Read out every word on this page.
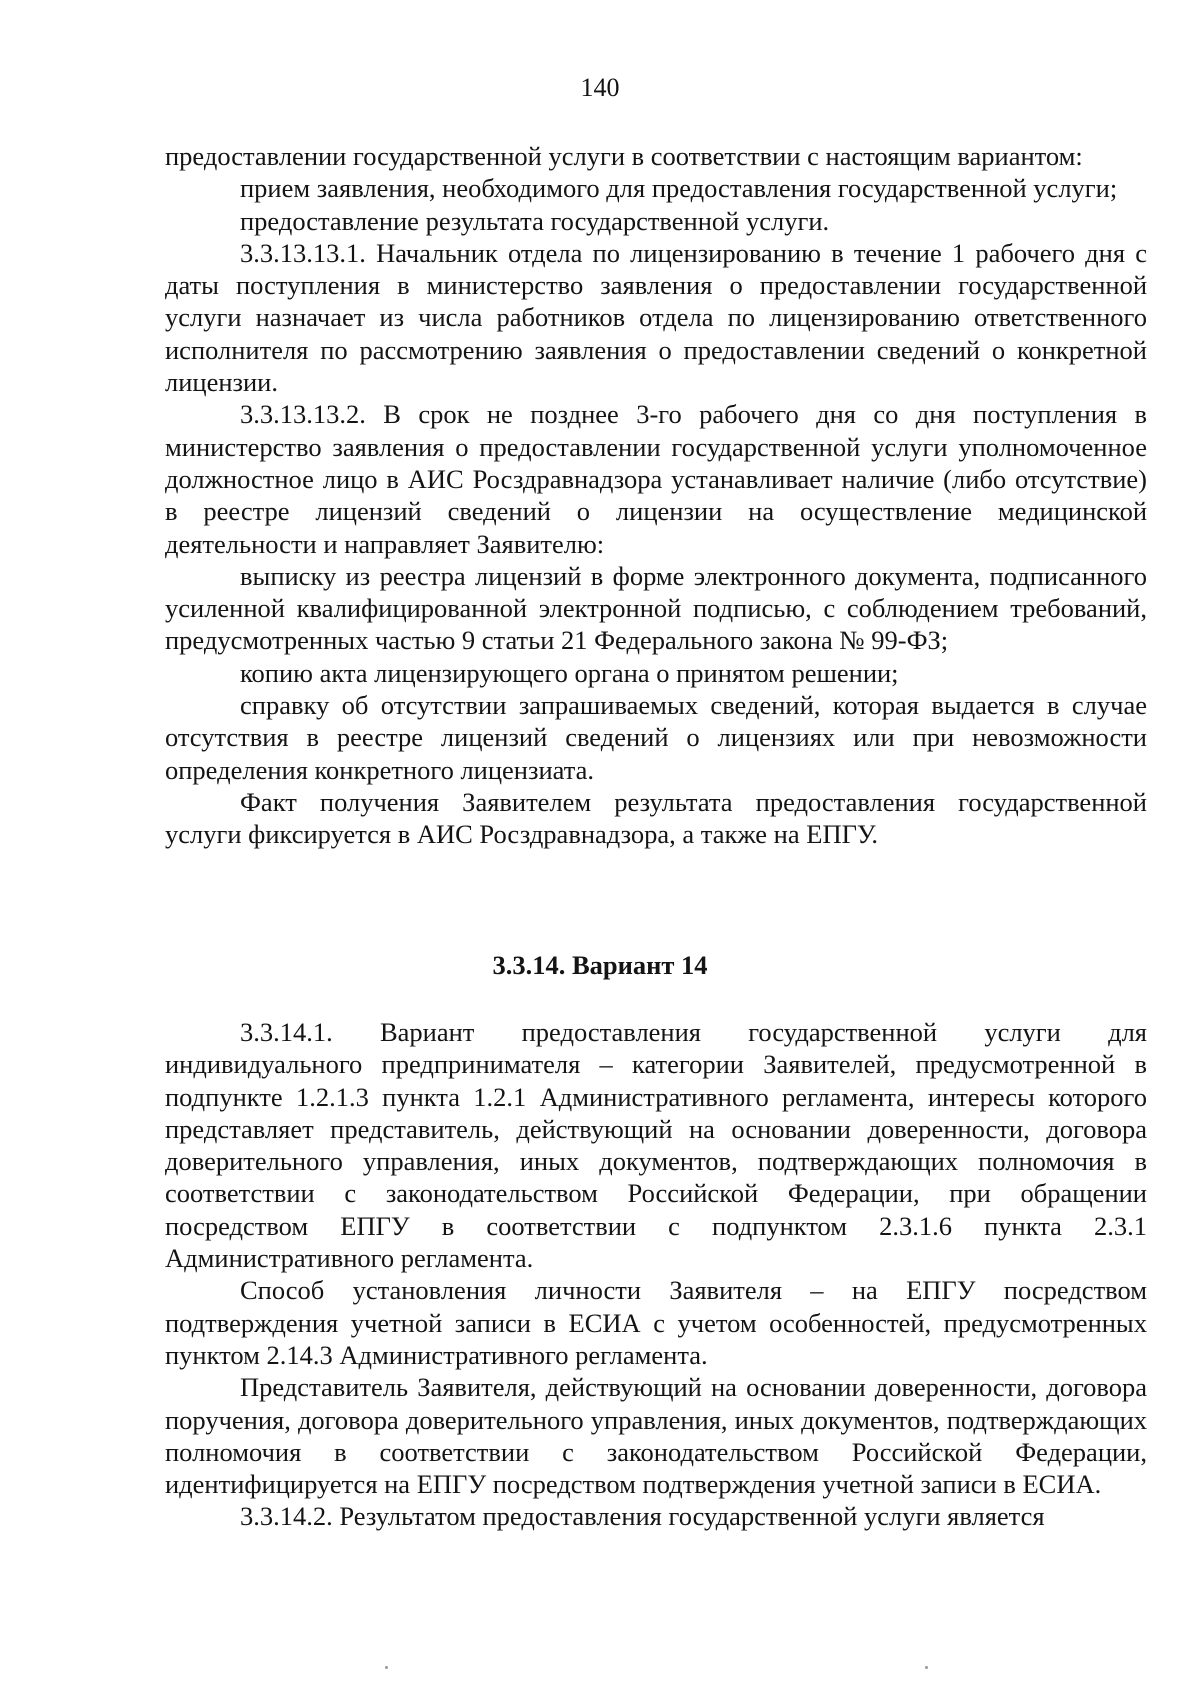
140

предоставлении государственной услуги в соответствии с настоящим вариантом:

прием заявления, необходимого для предоставления государственной услуги;

предоставление результата государственной услуги.

3.3.13.13.1. Начальник отдела по лицензированию в течение 1 рабочего дня с даты поступления в министерство заявления о предоставлении государственной услуги назначает из числа работников отдела по лицензированию ответственного исполнителя по рассмотрению заявления о предоставлении сведений о конкретной лицензии.

3.3.13.13.2. В срок не позднее 3-го рабочего дня со дня поступления в министерство заявления о предоставлении государственной услуги уполномоченное должностное лицо в АИС Росздравнадзора устанавливает наличие (либо отсутствие) в реестре лицензий сведений о лицензии на осуществление медицинской деятельности и направляет Заявителю:

выписку из реестра лицензий в форме электронного документа, подписанного усиленной квалифицированной электронной подписью, с соблюдением требований, предусмотренных частью 9 статьи 21 Федерального закона № 99-ФЗ;

копию акта лицензирующего органа о принятом решении;

справку об отсутствии запрашиваемых сведений, которая выдается в случае отсутствия в реестре лицензий сведений о лицензиях или при невозможности определения конкретного лицензиата.

Факт получения Заявителем результата предоставления государственной услуги фиксируется в АИС Росздравнадзора, а также на ЕПГУ.

3.3.14. Вариант 14

3.3.14.1. Вариант предоставления государственной услуги для индивидуального предпринимателя – категории Заявителей, предусмотренной в подпункте 1.2.1.3 пункта 1.2.1 Административного регламента, интересы которого представляет представитель, действующий на основании доверенности, договора доверительного управления, иных документов, подтверждающих полномочия в соответствии с законодательством Российской Федерации, при обращении посредством ЕПГУ в соответствии с подпунктом 2.3.1.6 пункта 2.3.1 Административного регламента.

Способ установления личности Заявителя – на ЕПГУ посредством подтверждения учетной записи в ЕСИА с учетом особенностей, предусмотренных пунктом 2.14.3 Административного регламента.

Представитель Заявителя, действующий на основании доверенности, договора поручения, договора доверительного управления, иных документов, подтверждающих полномочия в соответствии с законодательством Российской Федерации, идентифицируется на ЕПГУ посредством подтверждения учетной записи в ЕСИА.

3.3.14.2. Результатом предоставления государственной услуги является
